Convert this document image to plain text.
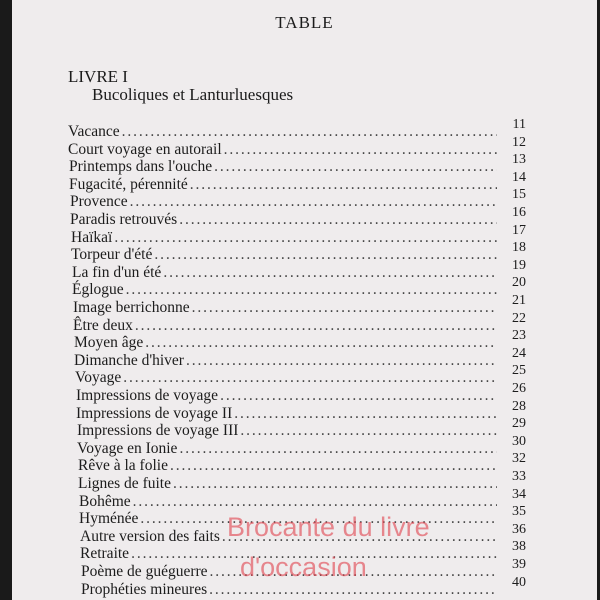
TABLE
LIVRE I
Bucoliques et Lanturluesques
Vacance . . .	11
Court voyage en autorail . . .	12
Printemps dans l'ouche . . .	13
Fugacité, pérennité . . .	14
Provence . . .	15
Paradis retrouvés . . .	16
Haïkaï . . .	17
Torpeur d'été . . .	18
La fin d'un été . . .	19
Églogue . . .	20
Image berrichonne . . .	21
Être deux . . .	22
Moyen âge . . .	23
Dimanche d'hiver . . .	24
Voyage . . .	25
Impressions de voyage . . .	26
Impressions de voyage II . . .	28
Impressions de voyage III . . .	29
Voyage en Ionie . . .	30
Rêve à la folie . . .	32
Lignes de fuite . . .	33
Bohême . . .	34
Hyménée . . .	35
Autre version des faits . . .	36
Retraite . . .	38
Poème de guéguerre . . .	39
Prophéties mineures . . .	40
Brocante du livre
d'occasion
